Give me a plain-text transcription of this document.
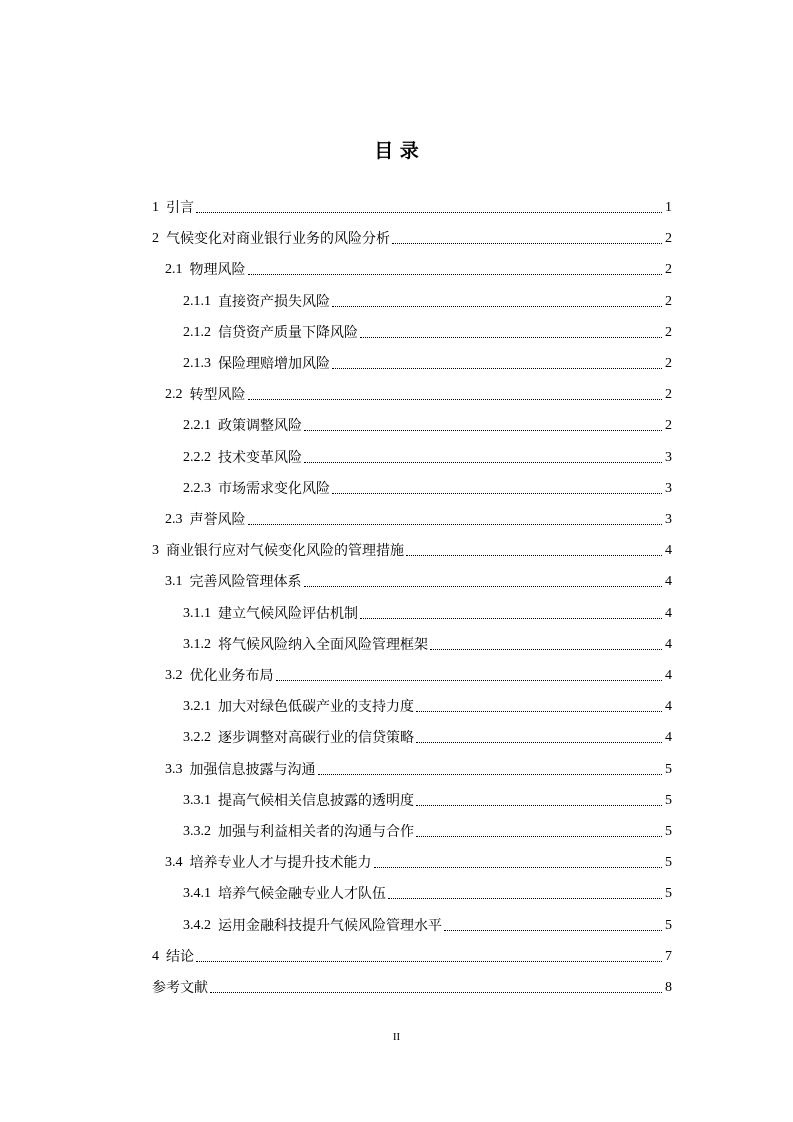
目 录
1 引言	1
2 气候变化对商业银行业务的风险分析	2
2.1 物理风险	2
2.1.1 直接资产损失风险	2
2.1.2 信贷资产质量下降风险	2
2.1.3 保险理赔增加风险	2
2.2 转型风险	2
2.2.1 政策调整风险	2
2.2.2 技术变革风险	3
2.2.3 市场需求变化风险	3
2.3 声誉风险	3
3 商业银行应对气候变化风险的管理措施	4
3.1 完善风险管理体系	4
3.1.1 建立气候风险评估机制	4
3.1.2 将气候风险纳入全面风险管理框架	4
3.2 优化业务布局	4
3.2.1 加大对绿色低碳产业的支持力度	4
3.2.2 逐步调整对高碳行业的信贷策略	4
3.3 加强信息披露与沟通	5
3.3.1 提高气候相关信息披露的透明度	5
3.3.2 加强与利益相关者的沟通与合作	5
3.4 培养专业人才与提升技术能力	5
3.4.1 培养气候金融专业人才队伍	5
3.4.2 运用金融科技提升气候风险管理水平	5
4 结论	7
参考文献	8
II
